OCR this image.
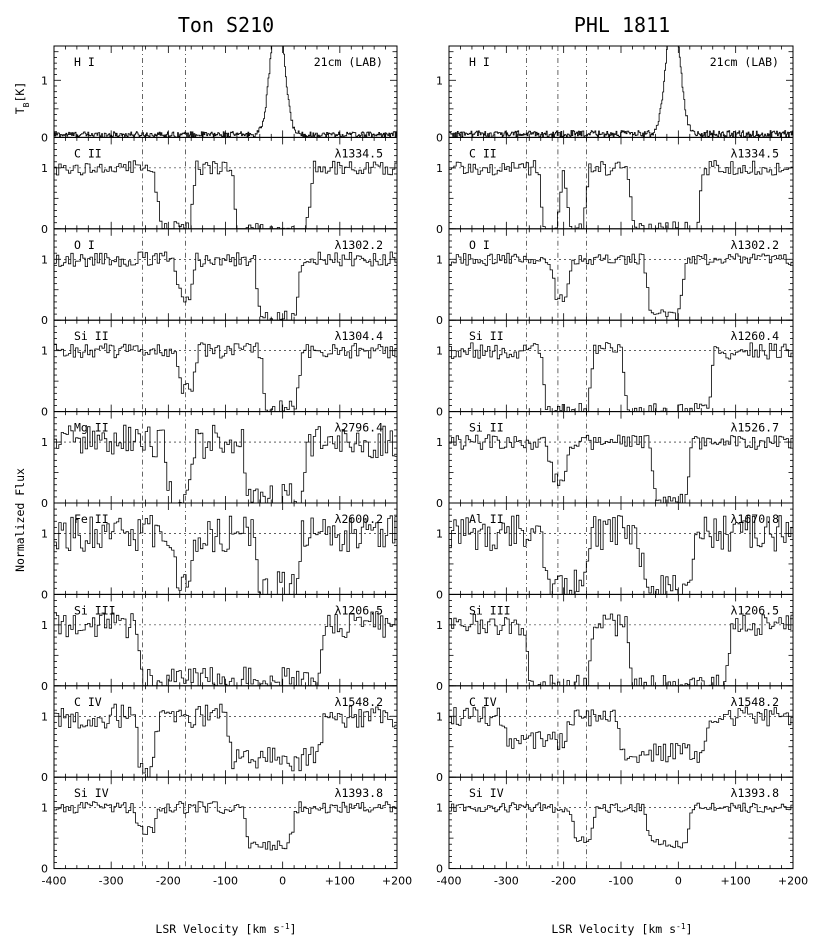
Ton S210	PHL 1811
0
1
H I	21cm (LAB)
0
1
C II	λ1334.5
0
1
O I	λ1302.2
0
1
Si II	λ1304.4
0
1
Mg II	λ2796.4
0
1
Fe II	λ2600.2
0
1
Si III	λ1206.5
0
1
C IV	λ1548.2
0
1
Si IV	λ1393.8
-400	-300	-200	-100	0	+100 +200
0
1
H I	21cm (LAB)
0
1
C II	λ1334.5
0
1
O I	λ1302.2
0
1
Si II	λ1260.4
0
1
Si II	λ1526.7
0
1
Al II	λ1670.8
0
1
Si III	λ1206.5
0
1
C IV	λ1548.2
0
1
Si IV	λ1393.8
-400	-300	-200	-100	0	+100 +200
$T_B[K]$
Normalized Flux
LSR Velocity [km $s^{-1}$]	LSR Velocity [km $s^{-1}$]
